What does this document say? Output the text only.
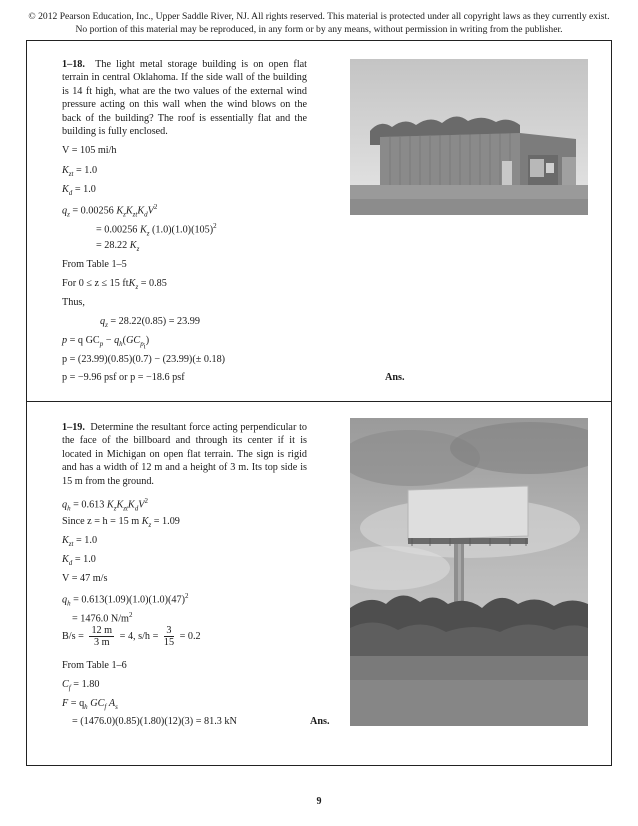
© 2012 Pearson Education, Inc., Upper Saddle River, NJ. All rights reserved. This material is protected under all copyright laws as they currently exist.
No portion of this material may be reproduced, in any form or by any means, without permission in writing from the publisher.
1–18. The light metal storage building is on open flat terrain in central Oklahoma. If the side wall of the building is 14 ft high, what are the two values of the external wind pressure acting on this wall when the wind blows on the back of the building? The roof is essentially flat and the building is fully enclosed.
V = 105 mi/h
$K_{zt} = 1.0$
$K_d = 1.0$
$q_z = 0.00256$ $K_zK_{zt}K_dV^2$
= 0.00256 $K_z$ $(1.0)(1.0)(105)^2$
= 28.22 $K_z$
From Table 1–5
For 0 ≤ z ≤ 15 ftK$_z$ = 0.85
Thus,
$q_z = 28.22(0.85) = 23.99$
p = q $GC_p - q_h(GC_{p_i})$
p = (23.99)(0.85)(0.7) − (23.99)(± 0.18)
p = −9.96 psf or p = −18.6 psf	Ans.
1–19. Determine the resultant force acting perpendicular to the face of the billboard and through its center if it is located in Michigan on open flat terrain. The sign is rigid and has a width of 12 m and a height of 3 m. Its top side is 15 m from the ground.
$q_h = 0.613$ $K_zK_{zt}K_dV^2$
Since z = h = 15 m $K_z = 1.09$
$K_{zt} = 1.0$
$K_d = 1.0$
V = 47 m/s
$q_h = 0.613(1.09)(1.0)(1.0)(47)^2$
= 1476.0 $N/m^2$
$B/s = \frac{12 m}{3 m} = 4$, $s/h = \frac{3}{15} = 0.2$
From Table 1–6
$C_f = 1.80$
$F = q_h$ $GC_f$ $A_s$
= (1476.0)(0.85)(1.80)(12)(3) = 81.3 kN	Ans.
9
